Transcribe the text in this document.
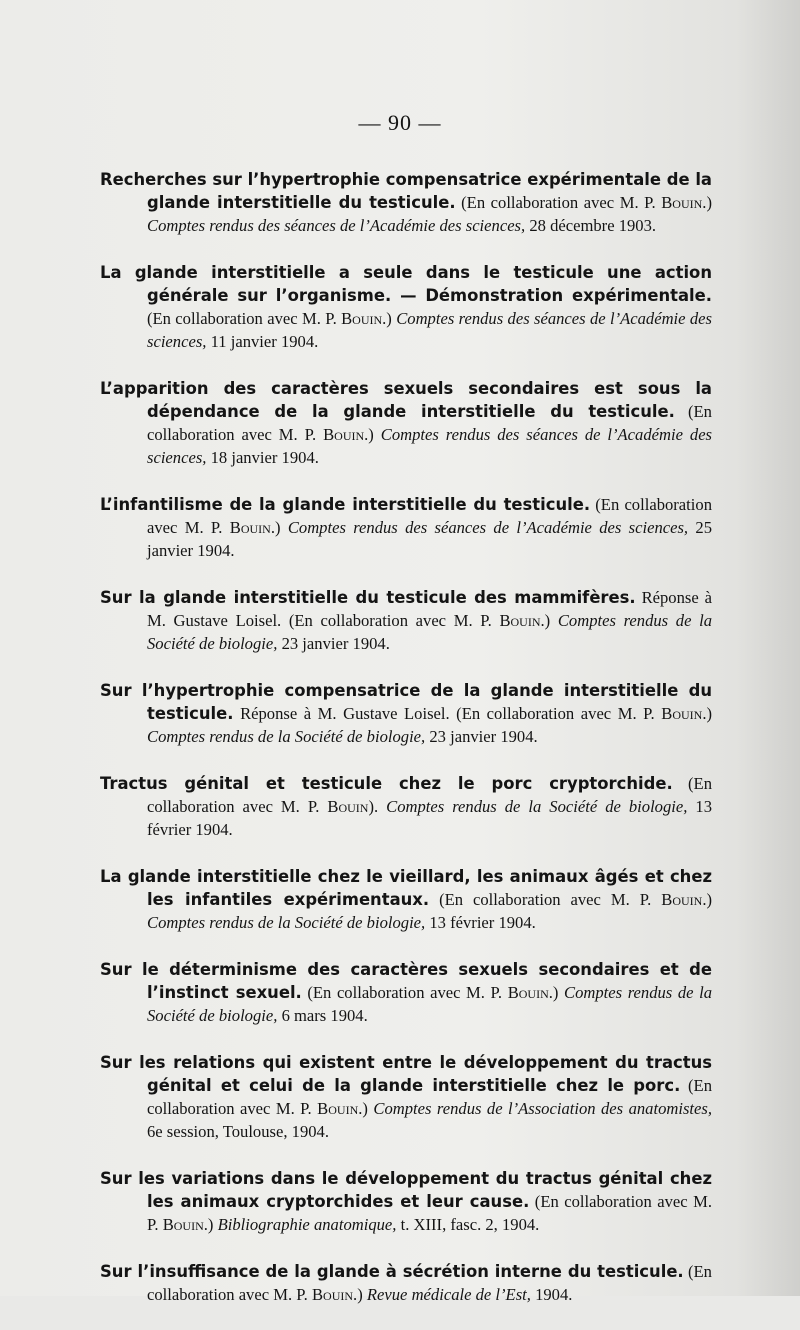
— 90 —

Recherches sur l’hypertrophie compensatrice expérimentale de la glande interstitielle du testicule. (En collaboration avec M. P. Bouin.) Comptes rendus des séances de l’Académie des sciences, 28 décembre 1903.

La glande interstitielle a seule dans le testicule une action générale sur l’organisme. — Démonstration expérimentale. (En collaboration avec M. P. Bouin.) Comptes rendus des séances de l’Académie des sciences, 11 janvier 1904.

L’apparition des caractères sexuels secondaires est sous la dépendance de la glande interstitielle du testicule. (En collaboration avec M. P. Bouin.) Comptes rendus des séances de l’Académie des sciences, 18 janvier 1904.

L’infantilisme de la glande interstitielle du testicule. (En collaboration avec M. P. Bouin.) Comptes rendus des séances de l’Académie des sciences, 25 janvier 1904.

Sur la glande interstitielle du testicule des mammifères. Réponse à M. Gustave Loisel. (En collaboration avec M. P. Bouin.) Comptes rendus de la Société de biologie, 23 janvier 1904.

Sur l’hypertrophie compensatrice de la glande interstitielle du testicule. Réponse à M. Gustave Loisel. (En collaboration avec M. P. Bouin.) Comptes rendus de la Société de biologie, 23 janvier 1904.

Tractus génital et testicule chez le porc cryptorchide. (En collaboration avec M. P. Bouin). Comptes rendus de la Société de biologie, 13 février 1904.

La glande interstitielle chez le vieillard, les animaux âgés et chez les infantiles expérimentaux. (En collaboration avec M. P. Bouin.) Comptes rendus de la Société de biologie, 13 février 1904.

Sur le déterminisme des caractères sexuels secondaires et de l’instinct sexuel. (En collaboration avec M. P. Bouin.) Comptes rendus de la Société de biologie, 6 mars 1904.

Sur les relations qui existent entre le développement du tractus génital et celui de la glande interstitielle chez le porc. (En collaboration avec M. P. Bouin.) Comptes rendus de l’Association des anatomistes, 6e session, Toulouse, 1904.

Sur les variations dans le développement du tractus génital chez les animaux cryptorchides et leur cause. (En collaboration avec M. P. Bouin.) Bibliographie anatomique, t. XIII, fasc. 2, 1904.

Sur l’insuffisance de la glande à sécrétion interne du testicule. (En collaboration avec M. P. Bouin.) Revue médicale de l’Est, 1904.
